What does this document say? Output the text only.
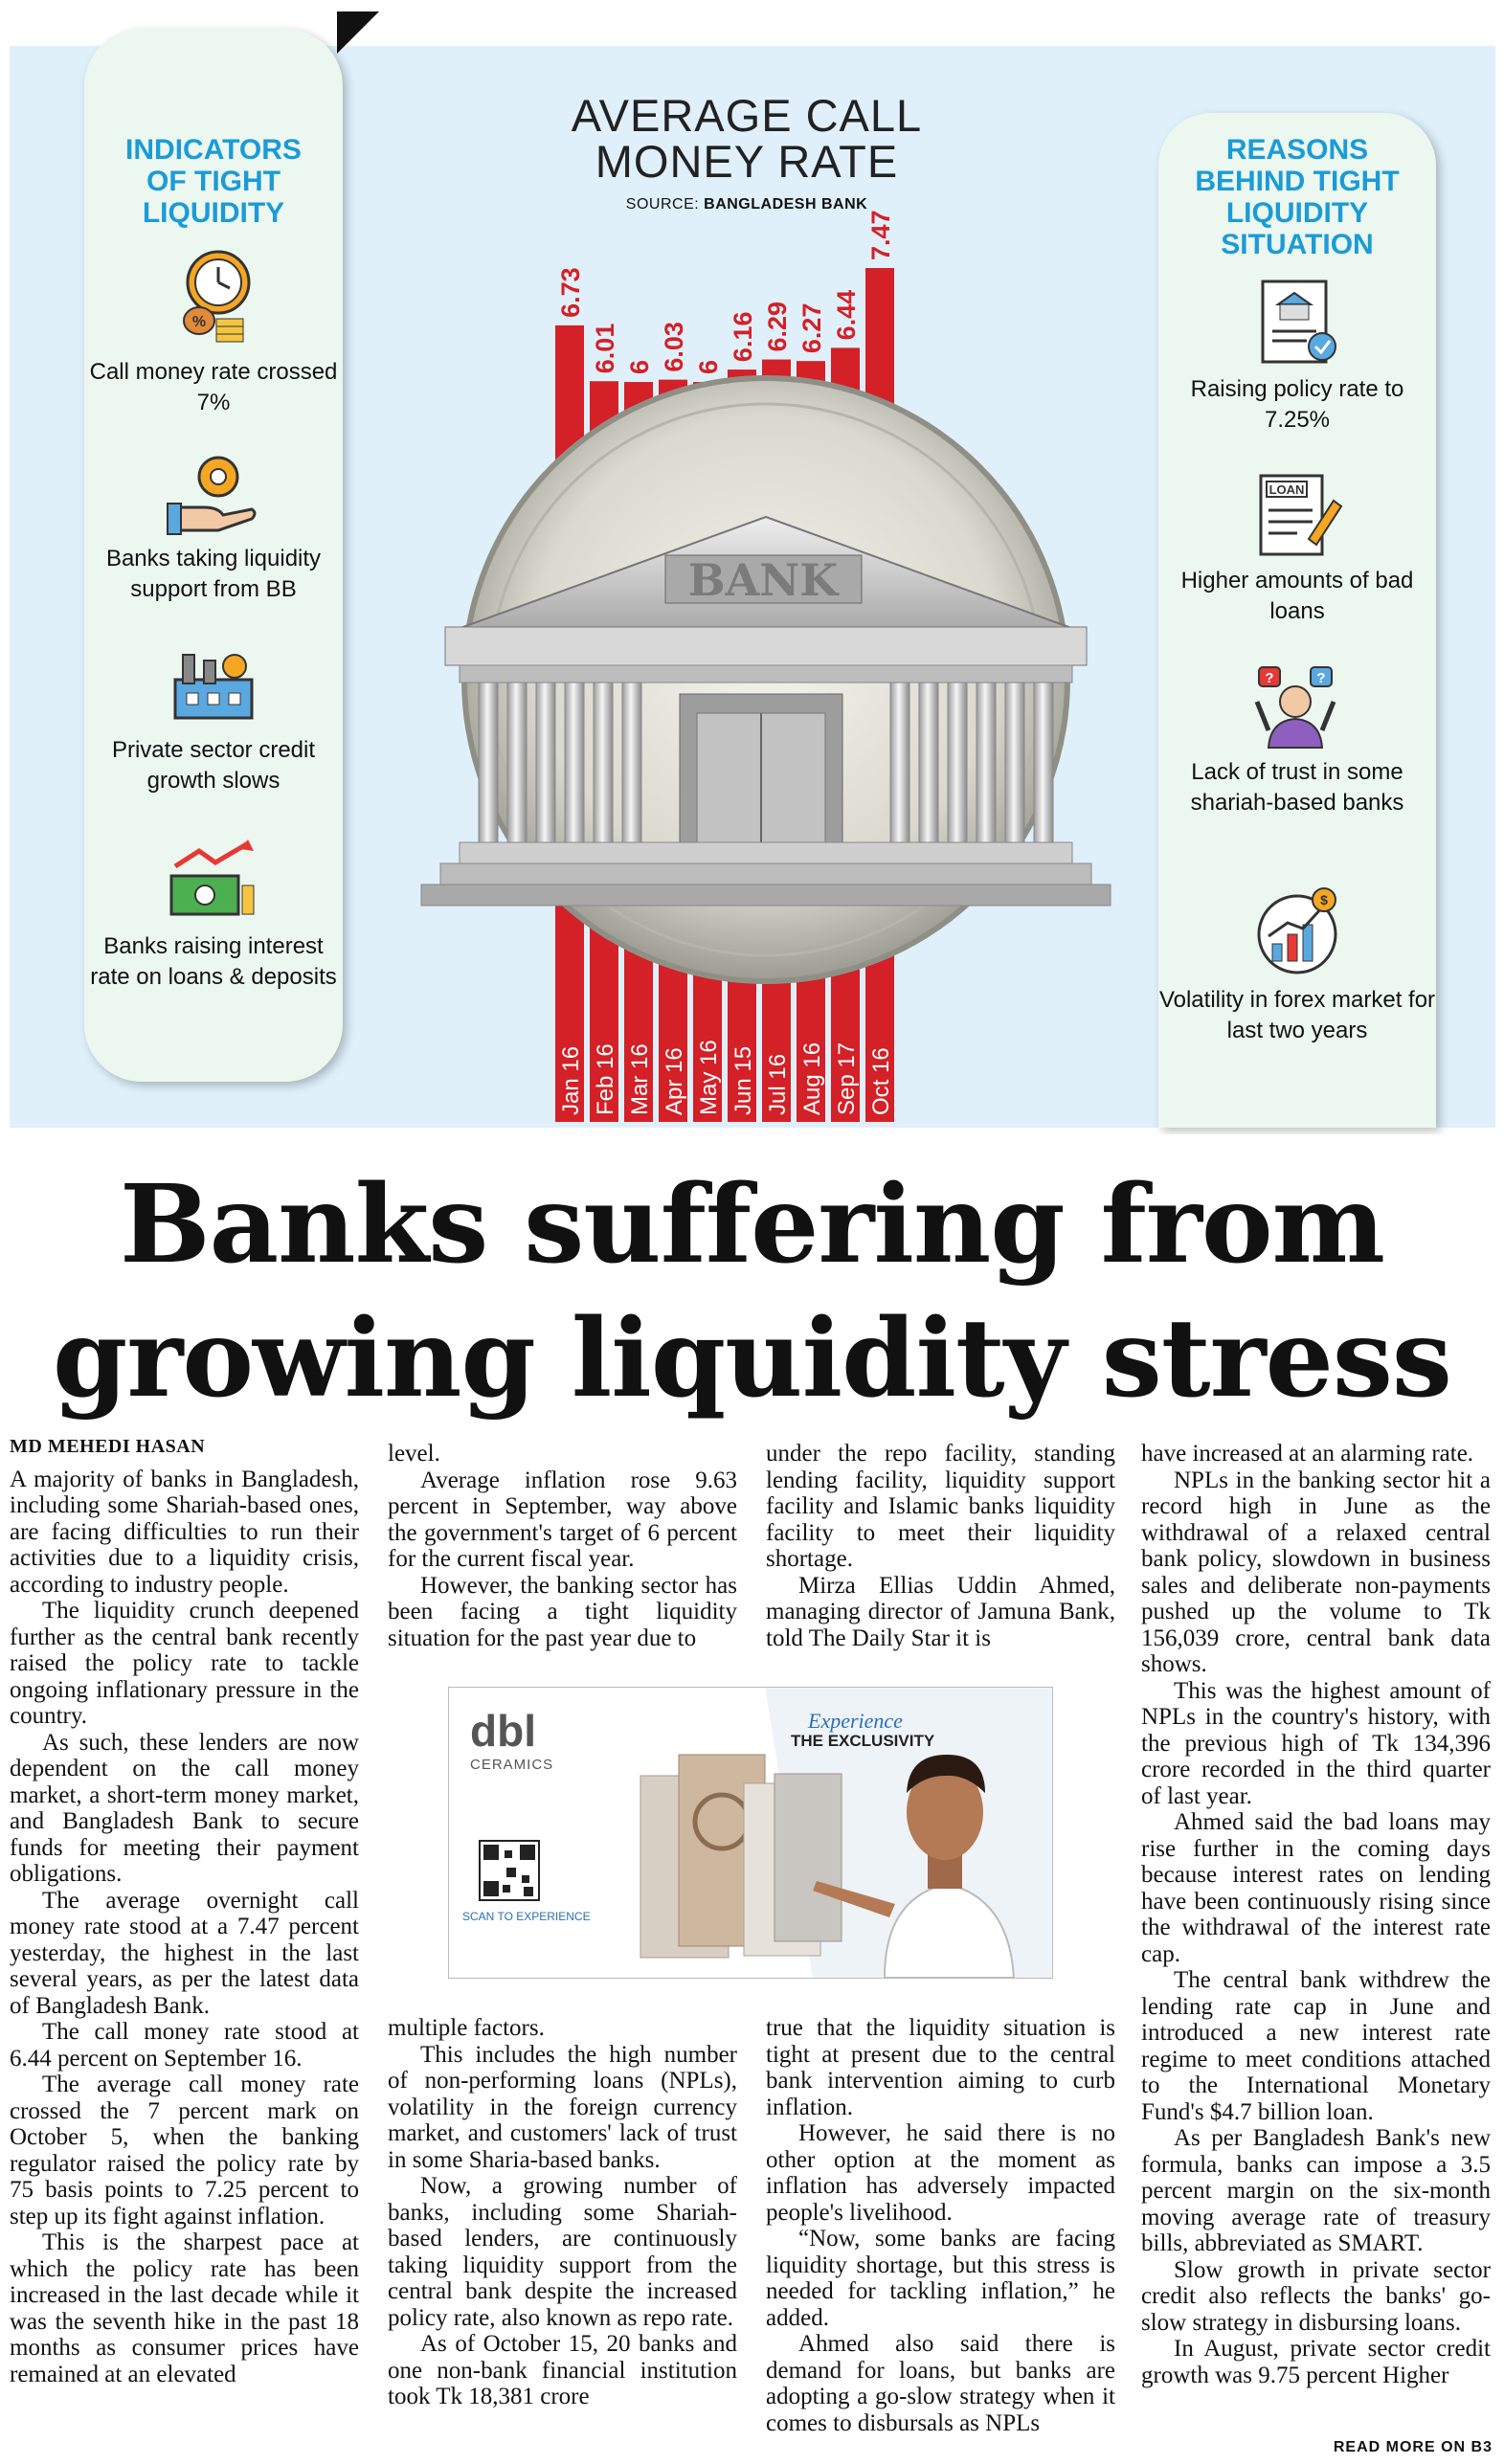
BANK
Jan 16 Feb 16 Mar 16 Apr 16 May 16 Jun 15 Jul 16 Aug 16 Sep 17 Oct 16
6.73
6.01 6 6.03 6
6.16 6.29 6.27 6.44
7.47
AVERAGE CALL MONEY RATE
SOURCE: BANGLADESH BANK
INDICATORS
OF TIGHT
LIQUIDITY
%
Call money rate crossed 7%
Banks taking liquidity support from BB
Private sector credit growth slows
Banks raising interest rate on loans & deposits
REASONS
BEHIND TIGHT
LIQUIDITY
SITUATION
Raising policy rate to 7.25%
LOAN
Higher amounts of bad loans
?	?
Lack of trust in some shariah-based banks
$
Volatility in forex market for last two years
Banks suffering from
growing liquidity stress
MD MEHEDI HASAN

A majority of banks in Bangladesh, including some Shariah-based ones, are facing difficulties to run their activities due to a liquidity crisis, according to industry people.

The liquidity crunch deepened further as the central bank recently raised the policy rate to tackle ongoing inflationary pressure in the country.

As such, these lenders are now dependent on the call money market, a short-term money market, and Bangladesh Bank to secure funds for meeting their payment obligations.

The average overnight call money rate stood at a 7.47 percent yesterday, the highest in the last several years, as per the latest data of Bangladesh Bank.

The call money rate stood at 6.44 percent on September 16.

The average call money rate crossed the 7 percent mark on October 5, when the banking regulator raised the policy rate by 75 basis points to 7.25 percent to step up its fight against inflation.

This is the sharpest pace at which the policy rate has been increased in the last decade while it was the seventh hike in the past 18 months as consumer prices have remained at an elevated

level.

Average inflation rose 9.63 percent in September, way above the government's target of 6 percent for the current fiscal year.

However, the banking sector has been facing a tight liquidity situation for the past year due to

multiple factors.

This includes the high number of non-performing loans (NPLs), volatility in the foreign currency market, and customers' lack of trust in some Sharia-based banks.

Now, a growing number of banks, including some Shariah-based lenders, are continuously taking liquidity support from the central bank despite the increased policy rate, also known as repo rate.

As of October 15, 20 banks and one non-bank financial institution took Tk 18,381 crore

under the repo facility, standing lending facility, liquidity support facility and Islamic banks liquidity facility to meet their liquidity shortage.

Mirza Ellias Uddin Ahmed, managing director of Jamuna Bank, told The Daily Star it is

true that the liquidity situation is tight at present due to the central bank intervention aiming to curb inflation.

However, he said there is no other option at the moment as inflation has adversely impacted people's livelihood.

“Now, some banks are facing liquidity shortage, but this stress is needed for tackling inflation,” he added.

Ahmed also said there is demand for loans, but banks are adopting a go-slow strategy when it comes to disbursals as NPLs

have increased at an alarming rate.

NPLs in the banking sector hit a record high in June as the withdrawal of a relaxed central bank policy, slowdown in business sales and deliberate non-payments pushed up the volume to Tk 156,039 crore, central bank data shows.

This was the highest amount of NPLs in the country's history, with the previous high of Tk 134,396 crore recorded in the third quarter of last year.

Ahmed said the bad loans may rise further in the coming days because interest rates on lending have been continuously rising since the withdrawal of the interest rate cap.

The central bank withdrew the lending rate cap in June and introduced a new interest rate regime to meet conditions attached to the International Monetary Fund's $4.7 billion loan.

As per Bangladesh Bank's new formula, banks can impose a 3.5 percent margin on the six-month moving average rate of treasury bills, abbreviated as SMART.

Slow growth in private sector credit also reflects the banks' go-slow strategy in disbursing loans.

In August, private sector credit growth was 9.75 percent Higher

dbl
CERAMICS
Experience
THE EXCLUSIVITY
SCAN TO EXPERIENCE
READ MORE ON B3
